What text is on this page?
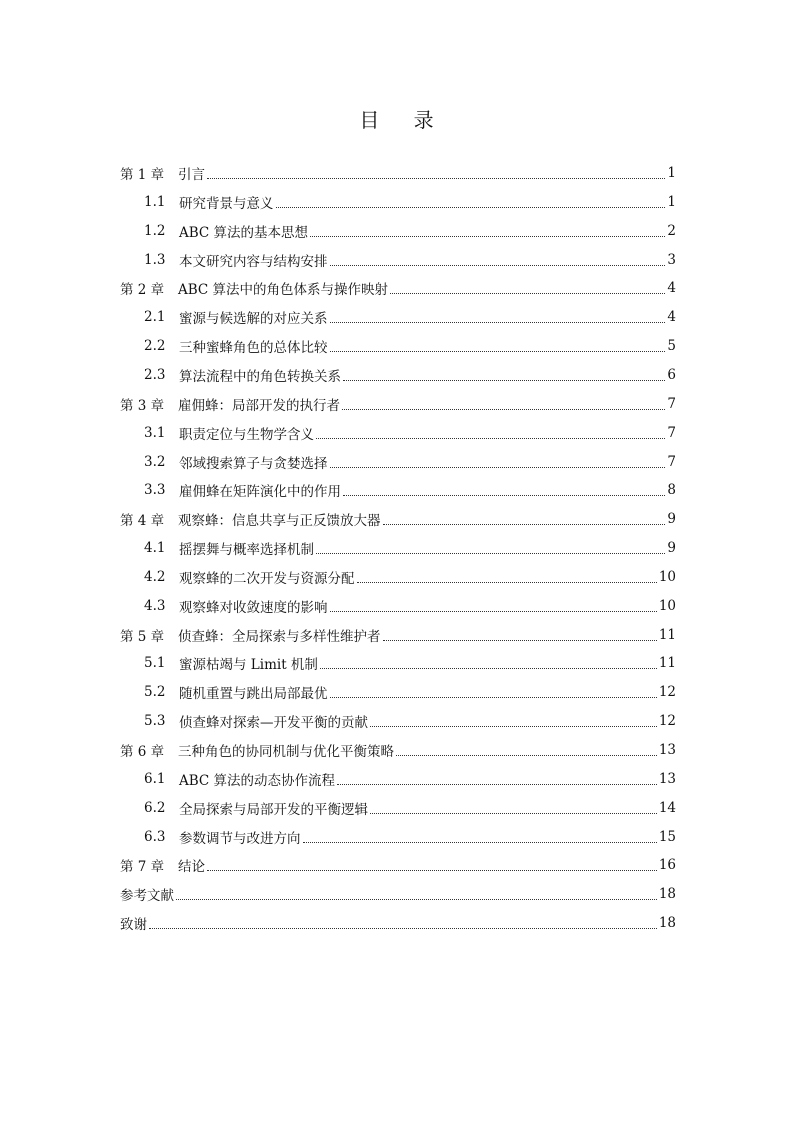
目 录
第 1 章	引言	1
1.1	研究背景与意义	1
1.2	ABC 算法的基本思想	2
1.3	本文研究内容与结构安排	3
第 2 章	ABC 算法中的角色体系与操作映射	4
2.1	蜜源与候选解的对应关系	4
2.2	三种蜜蜂角色的总体比较	5
2.3	算法流程中的角色转换关系	6
第 3 章	雇佣蜂：局部开发的执行者	7
3.1	职责定位与生物学含义	7
3.2	邻域搜索算子与贪婪选择	7
3.3	雇佣蜂在矩阵演化中的作用	8
第 4 章	观察蜂：信息共享与正反馈放大器	9
4.1	摇摆舞与概率选择机制	9
4.2	观察蜂的二次开发与资源分配	10
4.3	观察蜂对收敛速度的影响	10
第 5 章	侦查蜂：全局探索与多样性维护者	11
5.1	蜜源枯竭与 Limit 机制	11
5.2	随机重置与跳出局部最优	12
5.3	侦查蜂对探索—开发平衡的贡献	12
第 6 章	三种角色的协同机制与优化平衡策略	13
6.1	ABC 算法的动态协作流程	13
6.2	全局探索与局部开发的平衡逻辑	14
6.3	参数调节与改进方向	15
第 7 章	结论	16
参考文献	18
致谢	18
